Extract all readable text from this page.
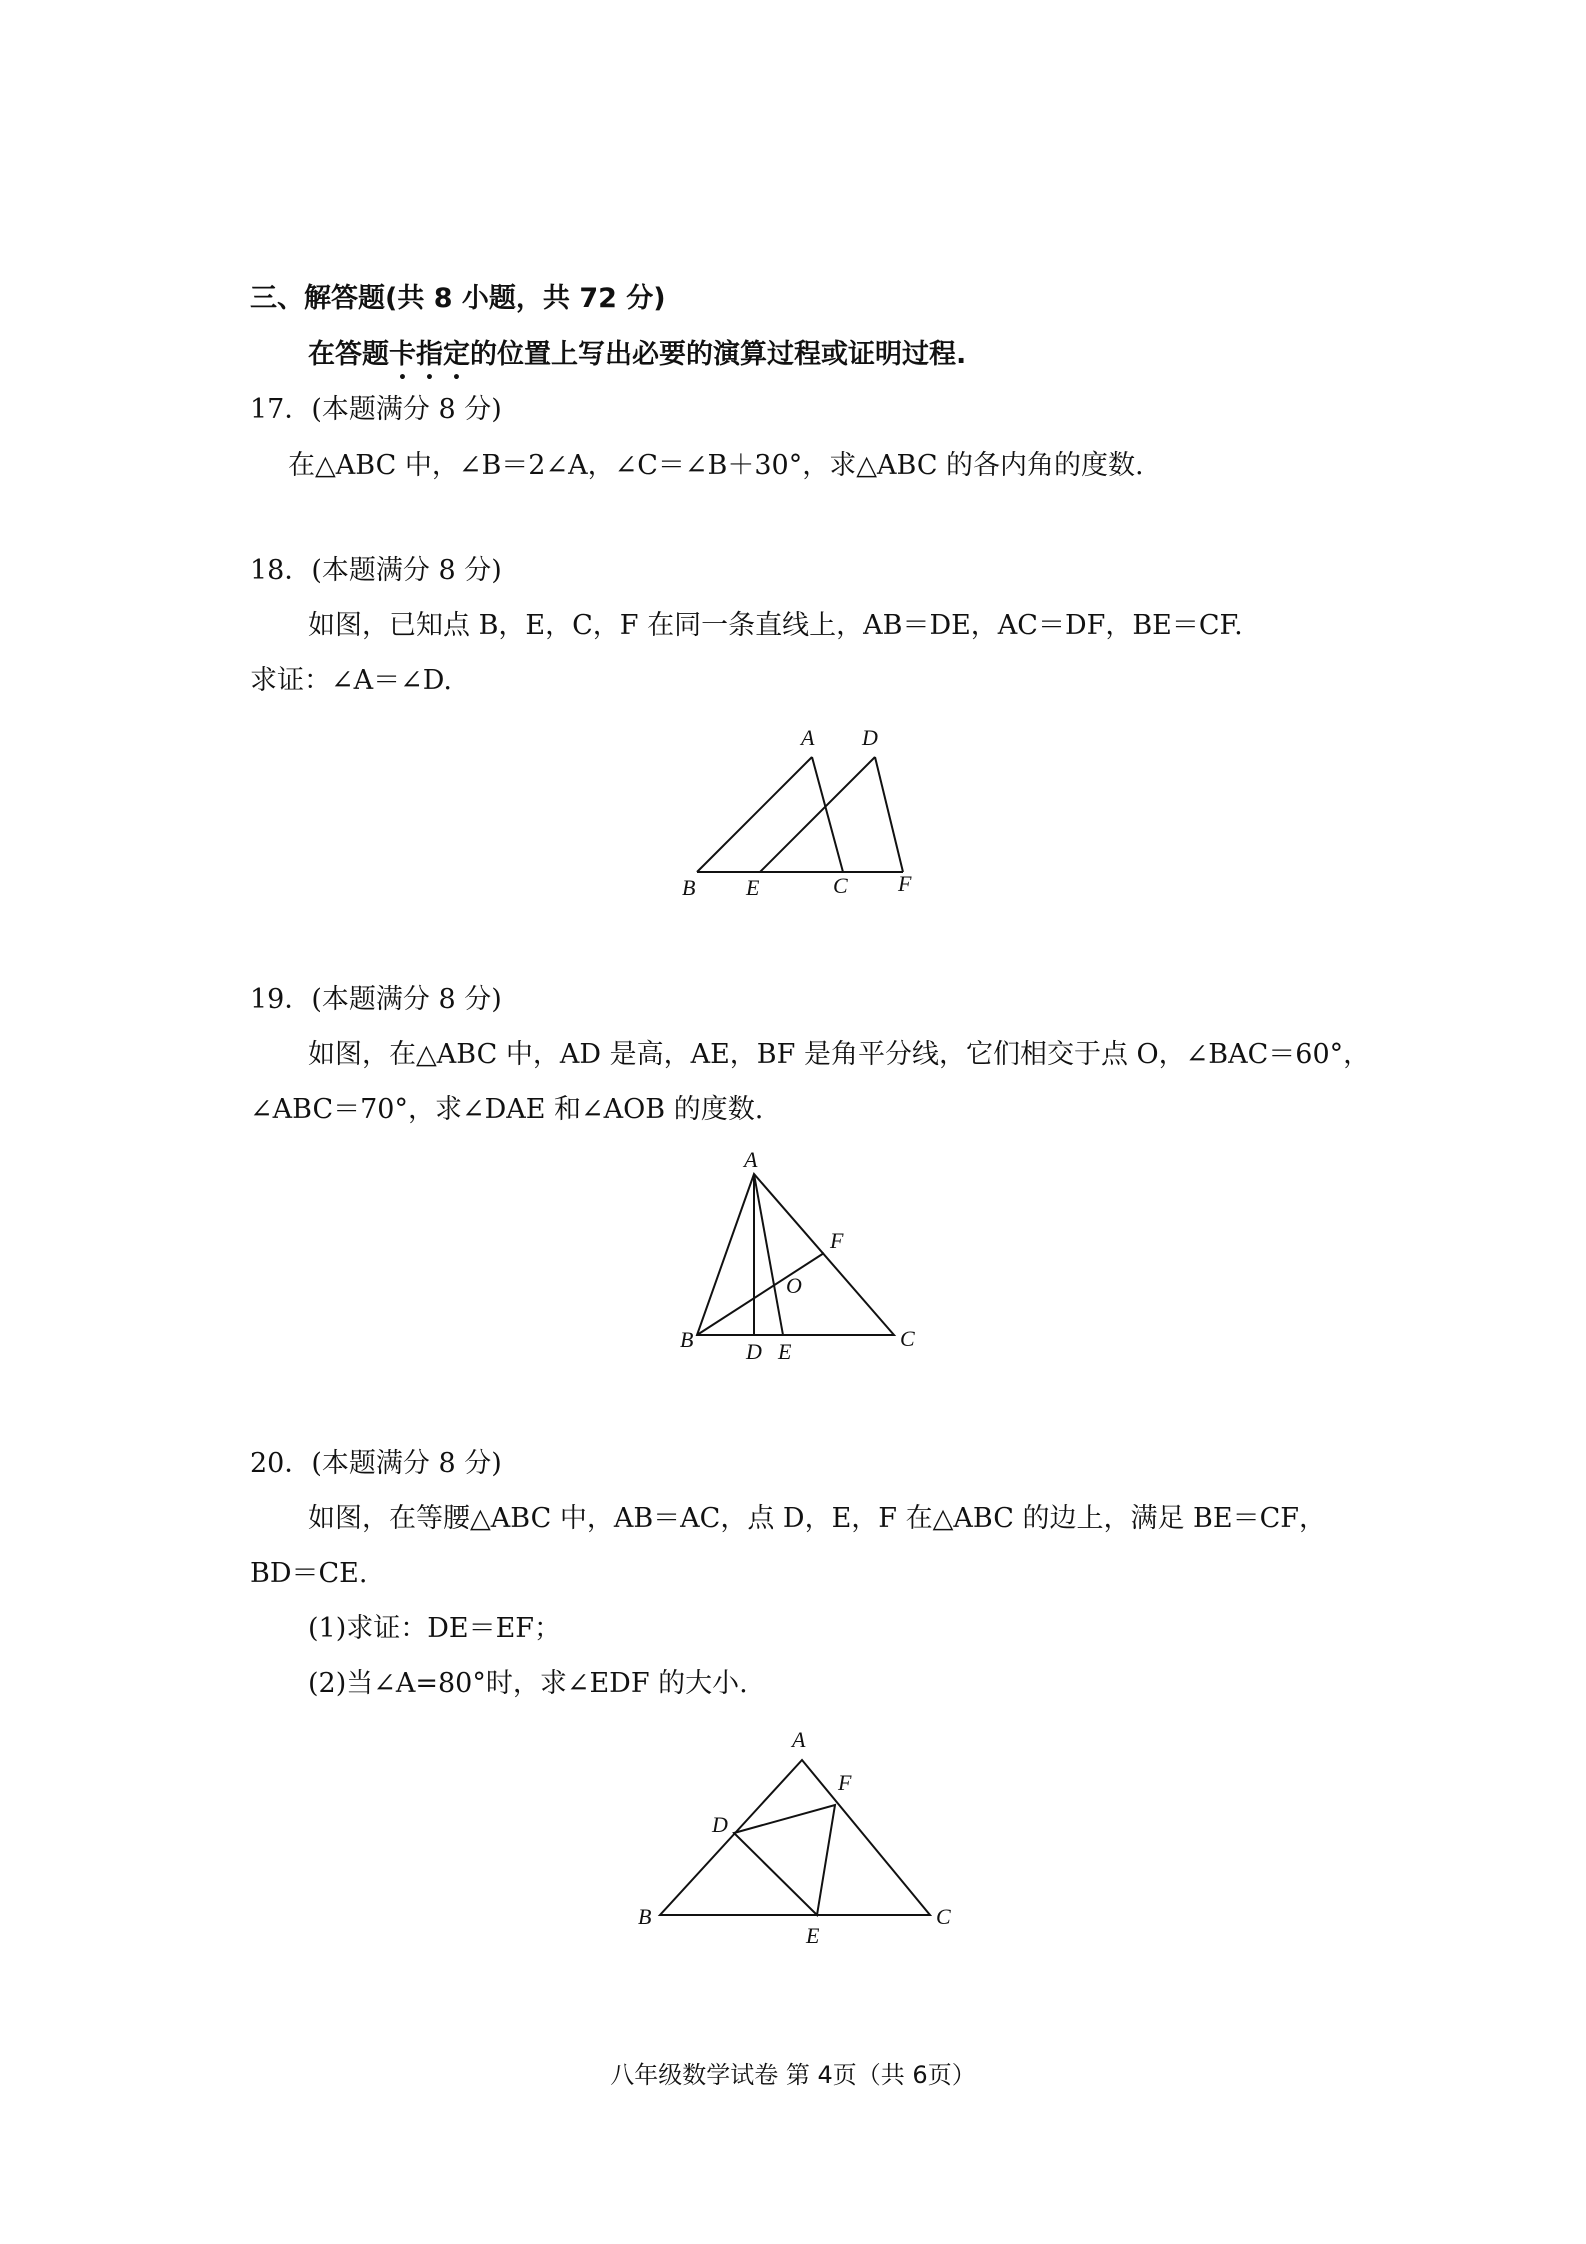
三、解答题(共 8 小题，共 72 分)
在答题卡指定的位置上写出必要的演算过程或证明过程.
17．(本题满分 8 分)
在△ABC 中，∠B＝2∠A，∠C＝∠B＋30°，求△ABC 的各内角的度数.
18．(本题满分 8 分)
如图，已知点 B，E，C，F 在同一条直线上，AB＝DE，AC＝DF，BE＝CF.
求证：∠A＝∠D.
A D
B E	C F
19．(本题满分 8 分)
如图，在△ABC 中，AD 是高，AE，BF 是角平分线，它们相交于点 O，∠BAC＝60°，
∠ABC＝70°，求∠DAE 和∠AOB 的度数.
A
F
O
B D E
C
20．(本题满分 8 分)
如图，在等腰△ABC 中，AB＝AC，点 D，E，F 在△ABC 的边上，满足 BE＝CF，
BD＝CE.
(1)求证：DE＝EF；
(2)当∠A=80°时，求∠EDF 的大小.
A
F
D
B
E
C
八年级数学试卷 第 4页（共 6页）
